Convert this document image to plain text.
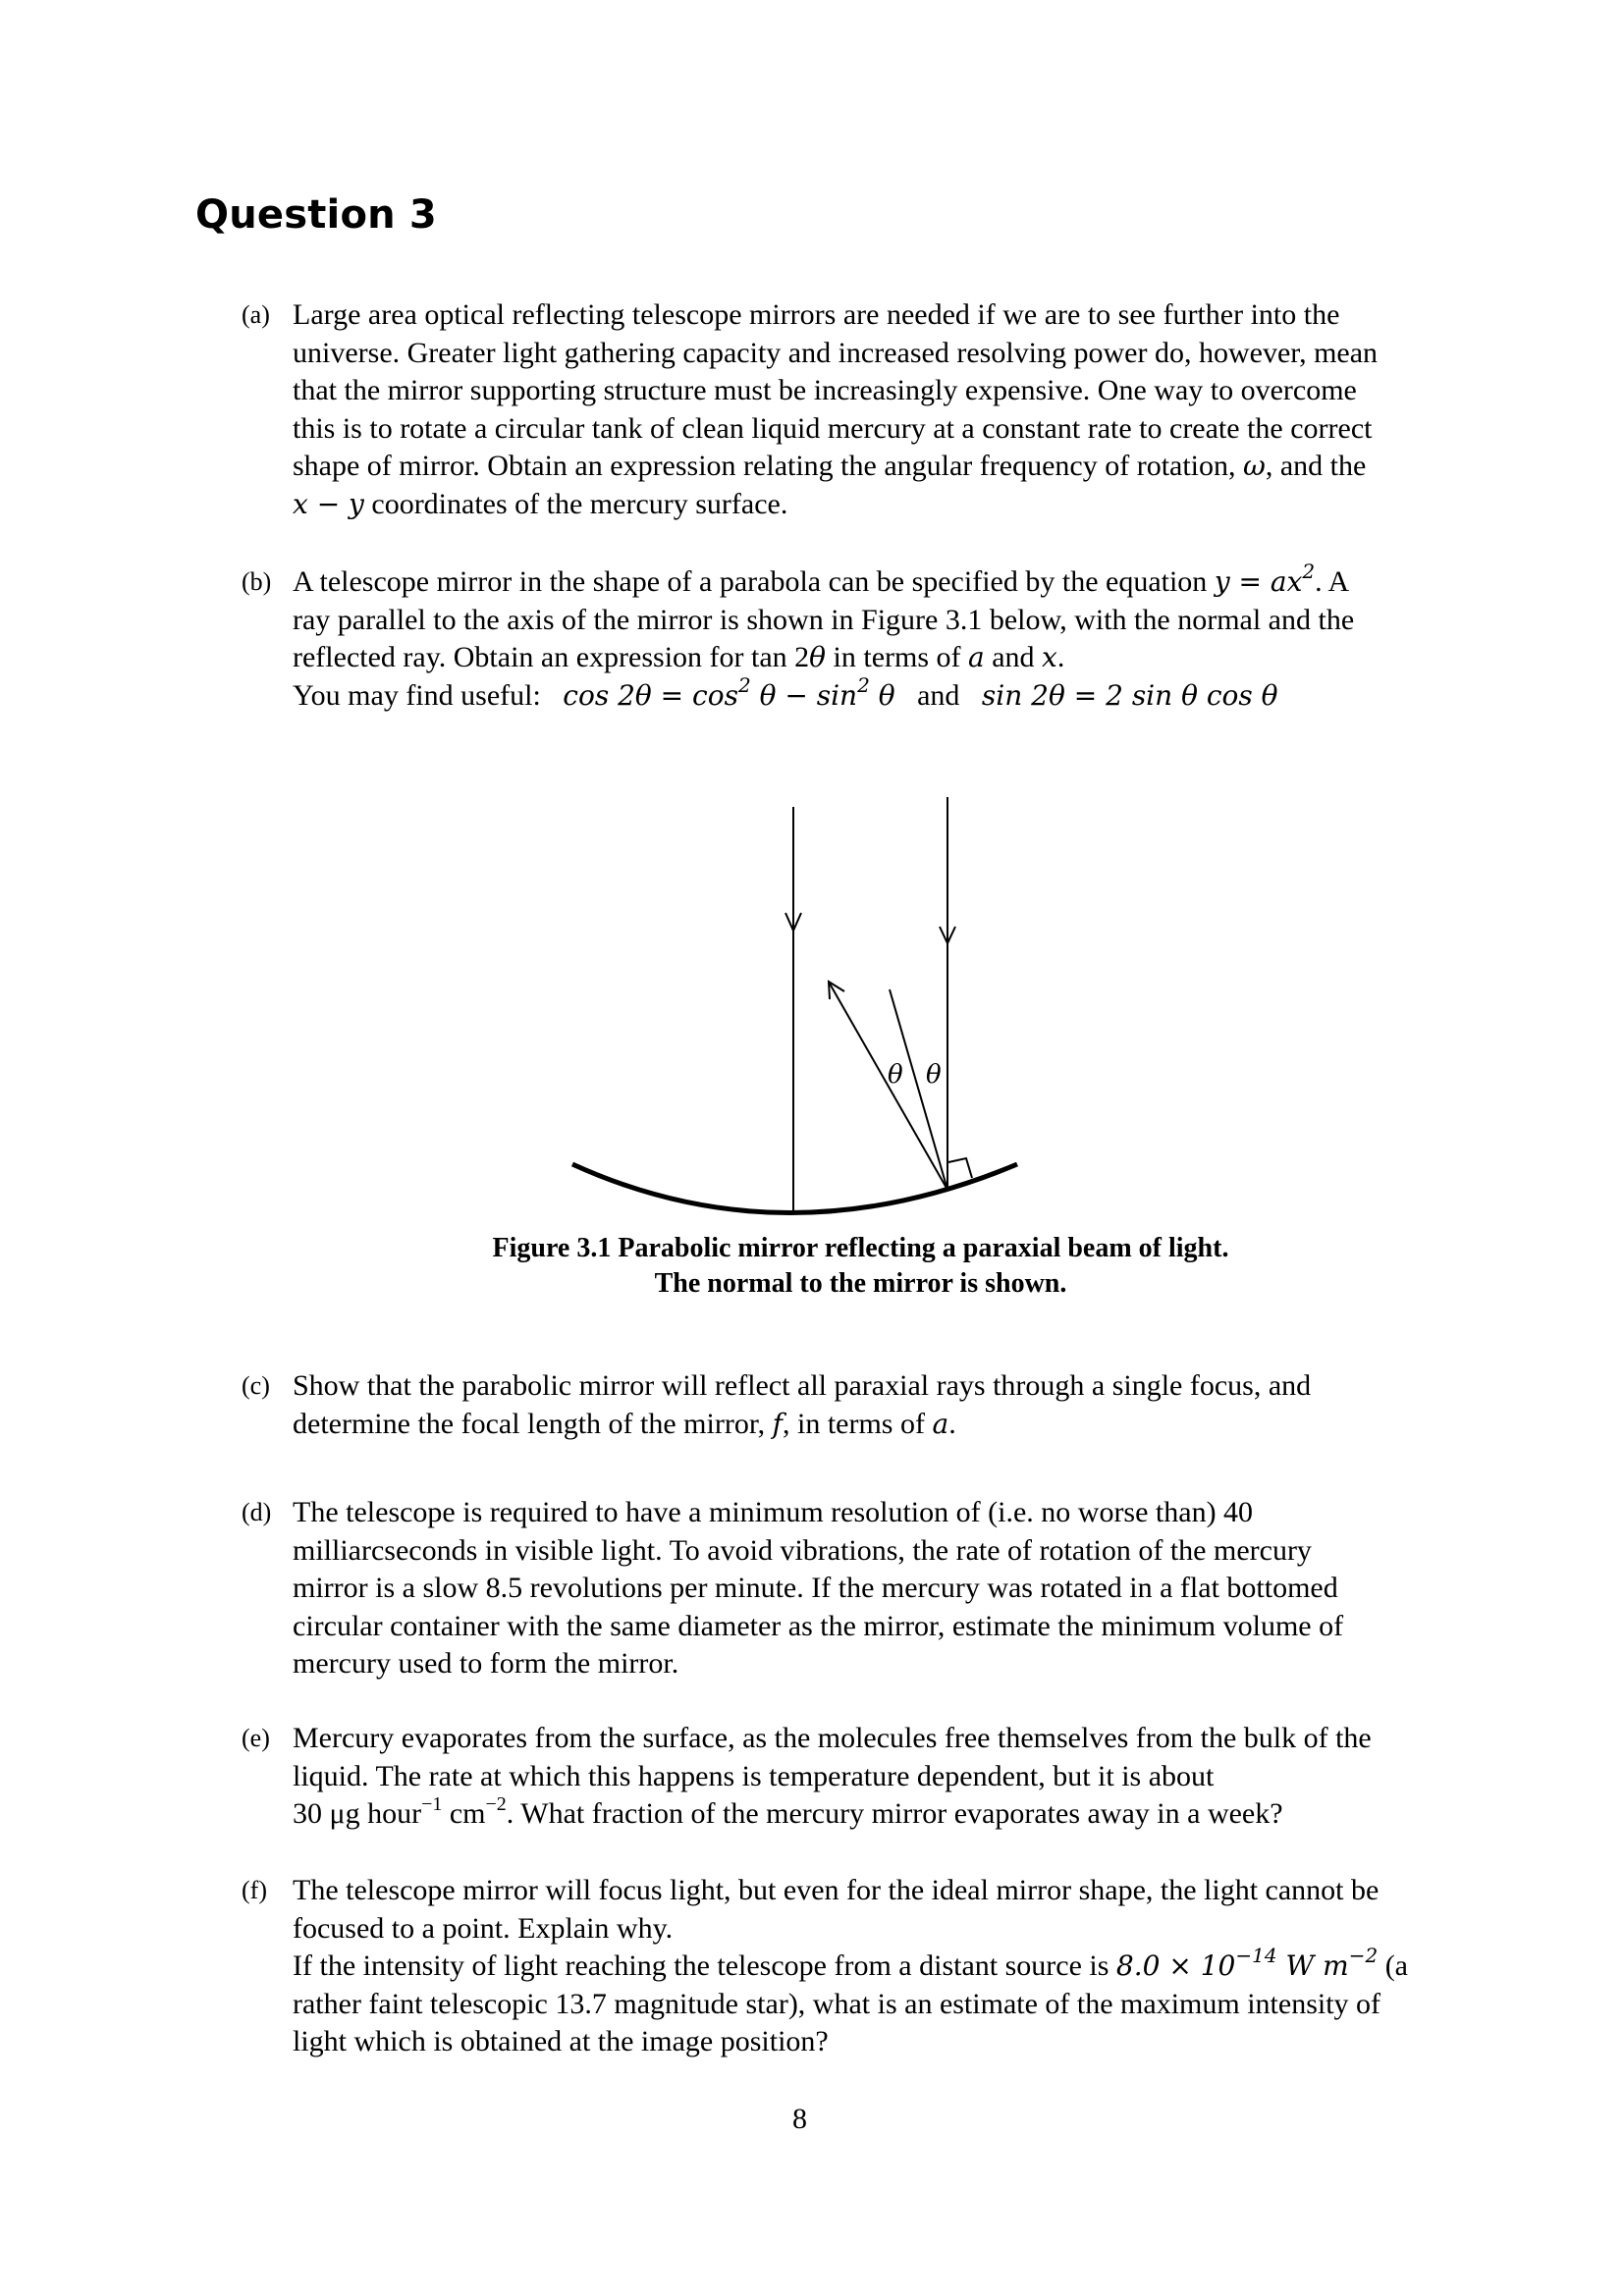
Question 3
(a) Large area optical reflecting telescope mirrors are needed if we are to see further into the
universe. Greater light gathering capacity and increased resolving power do, however, mean
that the mirror supporting structure must be increasingly expensive. One way to overcome
this is to rotate a circular tank of clean liquid mercury at a constant rate to create the correct
shape of mirror. Obtain an expression relating the angular frequency of rotation, ω, and the
x − y coordinates of the mercury surface.
(b) A telescope mirror in the shape of a parabola can be specified by the equation $y = ax^2$. A
ray parallel to the axis of the mirror is shown in Figure 3.1 below, with the normal and the
reflected ray. Obtain an expression for tan 2θ in terms of a and x.
You may find useful: $\cos 2\theta = \cos^2 \theta - \sin^2 \theta$ and sin 2θ = 2 sin θ cos θ
θ θ
Figure 3.1 Parabolic mirror reflecting a paraxial beam of light.
The normal to the mirror is shown.
(c) Show that the parabolic mirror will reflect all paraxial rays through a single focus, and
determine the focal length of the mirror, f, in terms of a.
(d) The telescope is required to have a minimum resolution of (i.e. no worse than) 40
milliarcseconds in visible light. To avoid vibrations, the rate of rotation of the mercury
mirror is a slow 8.5 revolutions per minute. If the mercury was rotated in a flat bottomed
circular container with the same diameter as the mirror, estimate the minimum volume of
mercury used to form the mirror.
(e) Mercury evaporates from the surface, as the molecules free themselves from the bulk of the
liquid. The rate at which this happens is temperature dependent, but it is about
30 μg hour$^{-1}$ $cm^{-2}$. What fraction of the mercury mirror evaporates away in a week?
(f) The telescope mirror will focus light, but even for the ideal mirror shape, the light cannot be
focused to a point. Explain why.
If the intensity of light reaching the telescope from a distant source is $8.0 \times 10^{-14}$ W $m^{-2}$ (a
rather faint telescopic 13.7 magnitude star), what is an estimate of the maximum intensity of
light which is obtained at the image position?
8
